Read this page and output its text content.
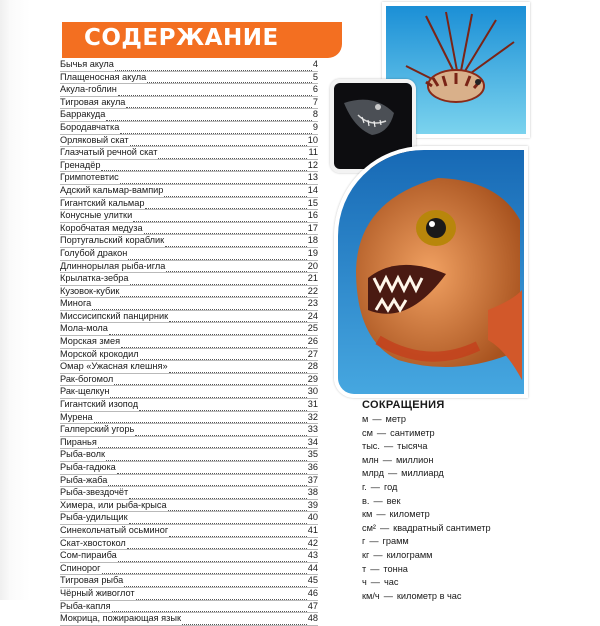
СОДЕРЖАНИЕ
Бычья акула	4
Плащеносная акула	5
Акула-гоблин	6
Тигровая акула	7
Барракуда	8
Бородавчатка	9
Орляковый скат	10
Глазчатый речной скат	11
Гренадёр	12
Гримпотевтис	13
Адский кальмар-вампир	14
Гигантский кальмар	15
Конусные улитки	16
Коробчатая медуза	17
Португальский кораблик	18
Голубой дракон	19
Длиннорылая рыба-игла	20
Крылатка-зебра	21
Кузовок-кубик	22
Минога	23
Миссисипский панцирник	24
Мола-мола	25
Морская змея	26
Морской крокодил	27
Омар «Ужасная клешня»	28
Рак-богомол	29
Рак-щелкун	30
Гигантский изопод	31
Мурена	32
Галперский угорь	33
Пиранья	34
Рыба-волк	35
Рыба-гадюка	36
Рыба-жаба	37
Рыба-звездочёт	38
Химера, или рыба-крыса	39
Рыба-удильщик	40
Синекольчатый осьминог	41
Скат-хвостокол	42
Сом-пираиба	43
Спинорог	44
Тигровая рыба	45
Чёрный живоглот	46
Рыба-капля	47
Мокрица, пожирающая язык	48
СОКРАЩЕНИЯ
м — метр
см — сантиметр
тыс. — тысяча
млн — миллион
млрд — миллиард
г. — год
в. — век
км — километр
см² — квадратный сантиметр
г — грамм
кг — килограмм
т — тонна
ч — час
км/ч — километр в час
